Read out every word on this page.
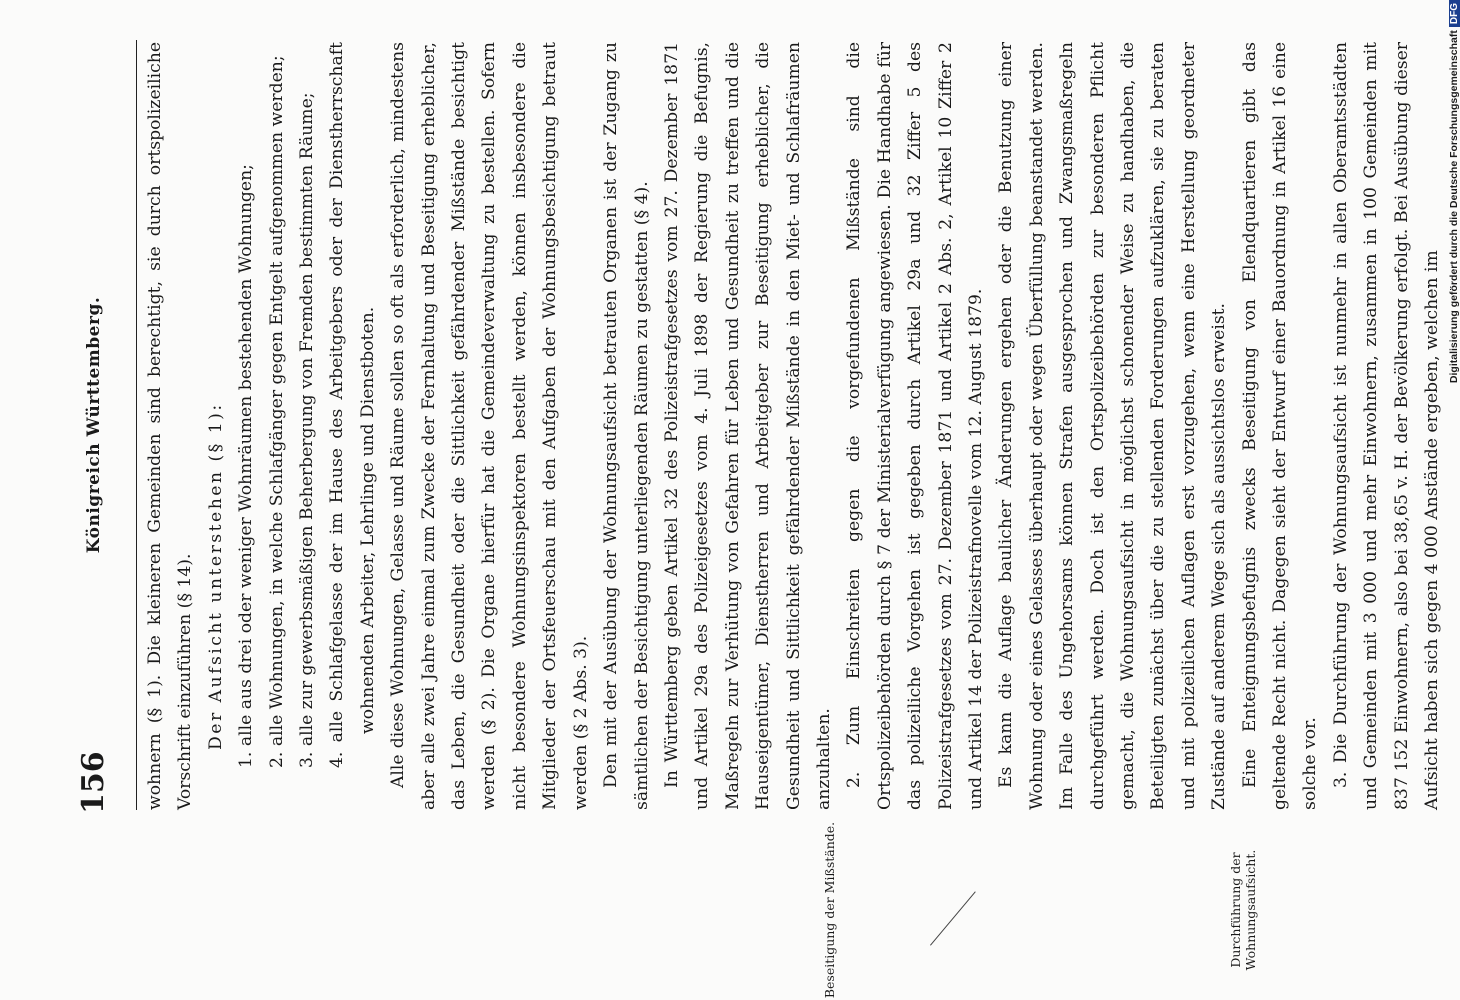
156
Königreich Württemberg. wohnern (§ 1). Die kleineren Gemeinden sind berechtigt, sie durch ortspolizeiliche Vorschrift einzuführen (§ 14). Der Aufsicht unterstehen (§ 1): 1. alle aus drei oder weniger Wohnräumen bestehenden Wohnungen; 2. alle Wohnungen, in welche Schlafgänger gegen Entgelt aufgenommen werden; 3. alle zur gewerbsmäßigen Beherbergung von Fremden bestimmten Räume; 4. alle Schlafgelasse der im Hause des Arbeitgebers oder der Dienstherrschaft wohnenden Arbeiter, Lehrlinge und Dienstboten. Alle diese Wohnungen, Gelasse und Räume sollen so oft als erforderlich, mindestens aber alle zwei Jahre einmal zum Zwecke der Fernhaltung und Beseitigung erheblicher, das Leben, die Gesundheit oder die Sittlichkeit gefährdender Mißstände besichtigt werden (§ 2). Die Organe hierfür hat die Gemeindeverwaltung zu bestellen. Sofern nicht besondere Wohnungsinspektoren bestellt werden, können insbesondere die Mitglieder der Ortsfeuerschau mit den Aufgaben der Wohnungsbesichtigung betraut werden (§ 2 Abs. 3). Den mit der Ausübung der Wohnungsaufsicht betrauten Organen ist der Zugang zu sämtlichen der Besichtigung unterliegenden Räumen zu gestatten (§ 4). In Württemberg geben Artikel 32 des Polizeistrafgesetzes vom 27. Dezember 1871 und Artikel 29a des Polizeigesetzes vom 4. Juli 1898 der Regierung die Befugnis, Maßregeln zur Verhütung von Gefahren für Leben und Gesundheit zu treffen und die Hauseigentümer, Dienstherren und Arbeitgeber zur Beseitigung erheblicher, die Gesundheit und Sittlichkeit gefährdender Mißstände in den Miet- und Schlafräumen anzuhalten. 2. Zum Einschreiten gegen die vorgefundenen Mißstände sind die Ortspolizeibehörden durch § 7 der Ministerialverfügung angewiesen. Die Handhabe für das polizeiliche Vorgehen ist gegeben durch Artikel 29a und 32 Ziffer 5 des Polizeistrafgesetzes vom 27. Dezember 1871 und Artikel 2 Abs. 2, Artikel 10 Ziffer 2 und Artikel 14 der Polizeistrafnovelle vom 12. August 1879. Es kann die Auflage baulicher Änderungen ergehen oder die Benutzung einer Wohnung oder eines Gelasses überhaupt oder wegen Überfüllung beanstandet werden. Im Falle des Ungehorsams können Strafen ausgesprochen und Zwangsmaßregeln durchgeführt werden. Doch ist den Ortspolizeibehörden zur besonderen Pflicht gemacht, die Wohnungsaufsicht in möglichst schonender Weise zu handhaben, die Beteiligten zunächst über die zu stellenden Forderungen aufzuklären, sie zu beraten und mit polizeilichen Auflagen erst vorzugehen, wenn eine Herstellung geordneter Zustände auf anderem Wege sich als aussichtslos erweist. Eine Enteignungsbefugnis zwecks Beseitigung von Elendquartieren gibt das geltende Recht nicht. Dagegen sieht der Entwurf einer Bauordnung in Artikel 16 eine solche vor. 3. Die Durchführung der Wohnungsaufsicht ist nunmehr in allen Oberamtsstädten und Gemeinden mit 3 000 und mehr Einwohnern, zusammen in 100 Gemeinden mit 837 152 Einwohnern, also bei 38,65 v. H. der Bevölkerung erfolgt. Bei Ausübung dieser Aufsicht haben sich gegen 4 000 Anstände ergeben, welchen im

Beseitigung der Mißstände.	Durchführung der Wohnungsaufsicht.
Digitalisierung gefördert durch die Deutsche ForschungsgemeinschaftDFG
